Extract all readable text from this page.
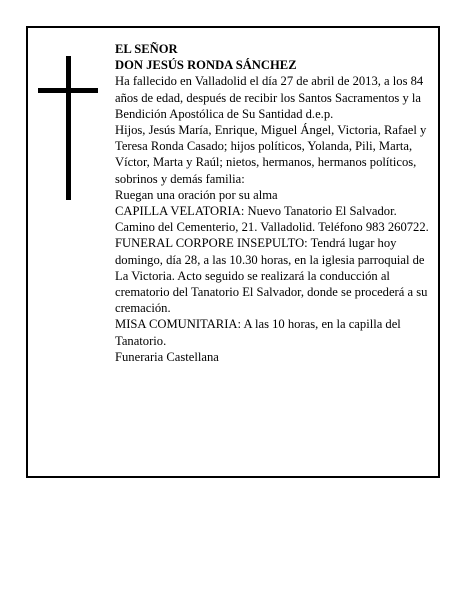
EL SEÑOR

DON JESÚS RONDA SÁNCHEZ

Ha fallecido en Valladolid el día 27 de abril de 2013, a los 84 años de edad, después de recibir los Santos Sacramentos y la Bendición Apostólica de Su Santidad d.e.p.

Hijos, Jesús María, Enrique, Miguel Ángel, Victoria, Rafael y Teresa Ronda Casado; hijos políticos, Yolanda, Pili, Marta, Víctor, Marta y Raúl; nietos, hermanos, hermanos políticos, sobrinos y demás familia:

Ruegan una oración por su alma

CAPILLA VELATORIA: Nuevo Tanatorio El Salvador. Camino del Cementerio, 21. Valladolid. Teléfono 983 260722.

FUNERAL CORPORE INSEPULTO: Tendrá lugar hoy domingo, día 28, a las 10.30 horas, en la iglesia parroquial de La Victoria. Acto seguido se realizará la conducción al crematorio del Tanatorio El Salvador, donde se procederá a su cremación.

MISA COMUNITARIA: A las 10 horas, en la capilla del Tanatorio.

Funeraria Castellana
